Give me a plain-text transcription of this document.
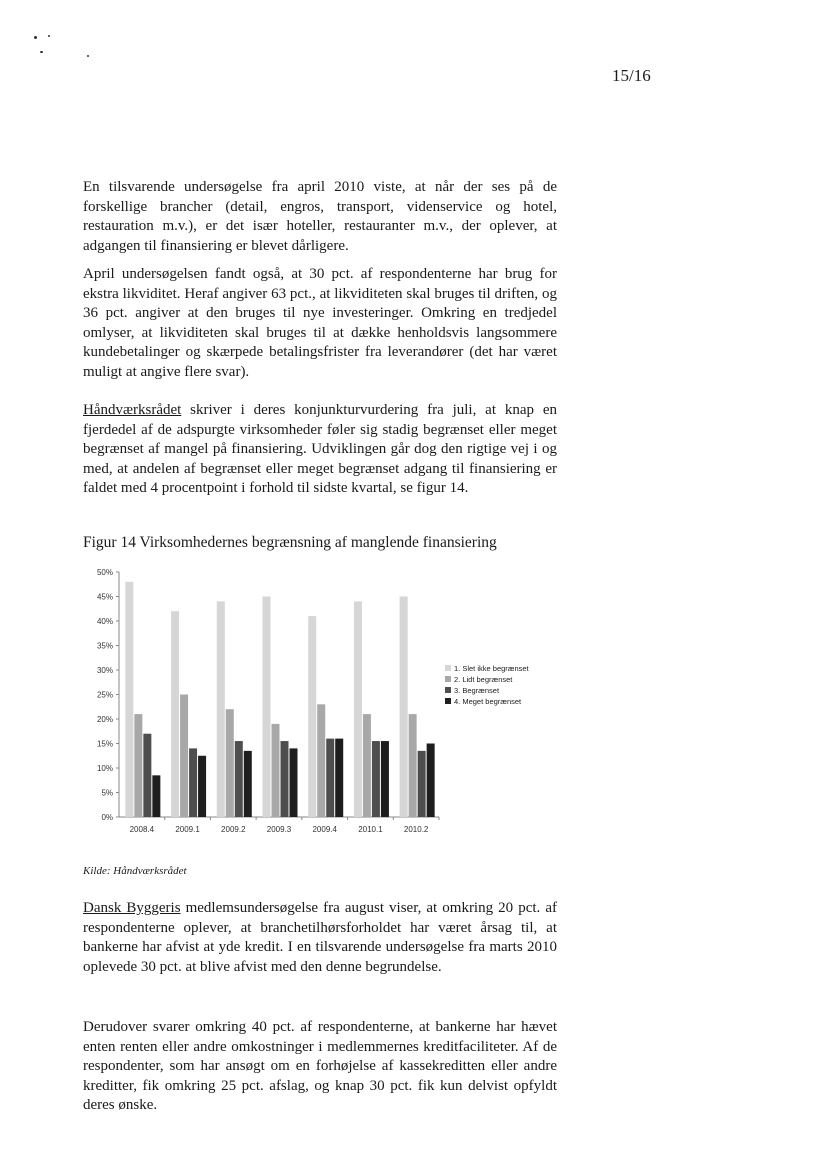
15/16

En tilsvarende undersøgelse fra april 2010 viste, at når der ses på de forskellige brancher (detail, engros, transport, videnservice og hotel, restauration m.v.), er det især hoteller, restauranter m.v., der oplever, at adgangen til finansiering er blevet dårligere.

April undersøgelsen fandt også, at 30 pct. af respondenterne har brug for ekstra likviditet. Heraf angiver 63 pct., at likviditeten skal bruges til driften, og 36 pct. angiver at den bruges til nye investeringer. Omkring en tredjedel omlyser, at likviditeten skal bruges til at dække henholdsvis langsommere kundebetalinger og skærpede betalingsfrister fra leverandører (det har været muligt at angive flere svar).

Håndværksrådet skriver i deres konjunkturvurdering fra juli, at knap en fjerdedel af de adspurgte virksomheder føler sig stadig begrænset eller meget begrænset af mangel på finansiering. Udviklingen går dog den rigtige vej i og med, at andelen af begrænset eller meget begrænset adgang til finansiering er faldet med 4 procentpoint i forhold til sidste kvartal, se figur 14.

Figur 14 Virksomhedernes begrænsning af manglende finansiering

0%
5%
10%
15%
20%
25%
30%
35%
40%
45%
50%
2008.4	2009.1	2009.2	2009.3	2009.4	2010.1	2010.2
1. Slet ikke begrænset
2. Lidt begrænset
3. Begrænset
4. Meget begrænset
Kilde: Håndværksrådet

Dansk Byggeris medlemsundersøgelse fra august viser, at omkring 20 pct. af respondenterne oplever, at branchetilhørsforholdet har været årsag til, at bankerne har afvist at yde kredit. I en tilsvarende undersøgelse fra marts 2010 oplevede 30 pct. at blive afvist med den denne begrundelse.

Derudover svarer omkring 40 pct. af respondenterne, at bankerne har hævet enten renten eller andre omkostninger i medlemmernes kreditfaciliteter. Af de respondenter, som har ansøgt om en forhøjelse af kassekreditten eller andre kreditter, fik omkring 25 pct. afslag, og knap 30 pct. fik kun delvist opfyldt deres ønske.
